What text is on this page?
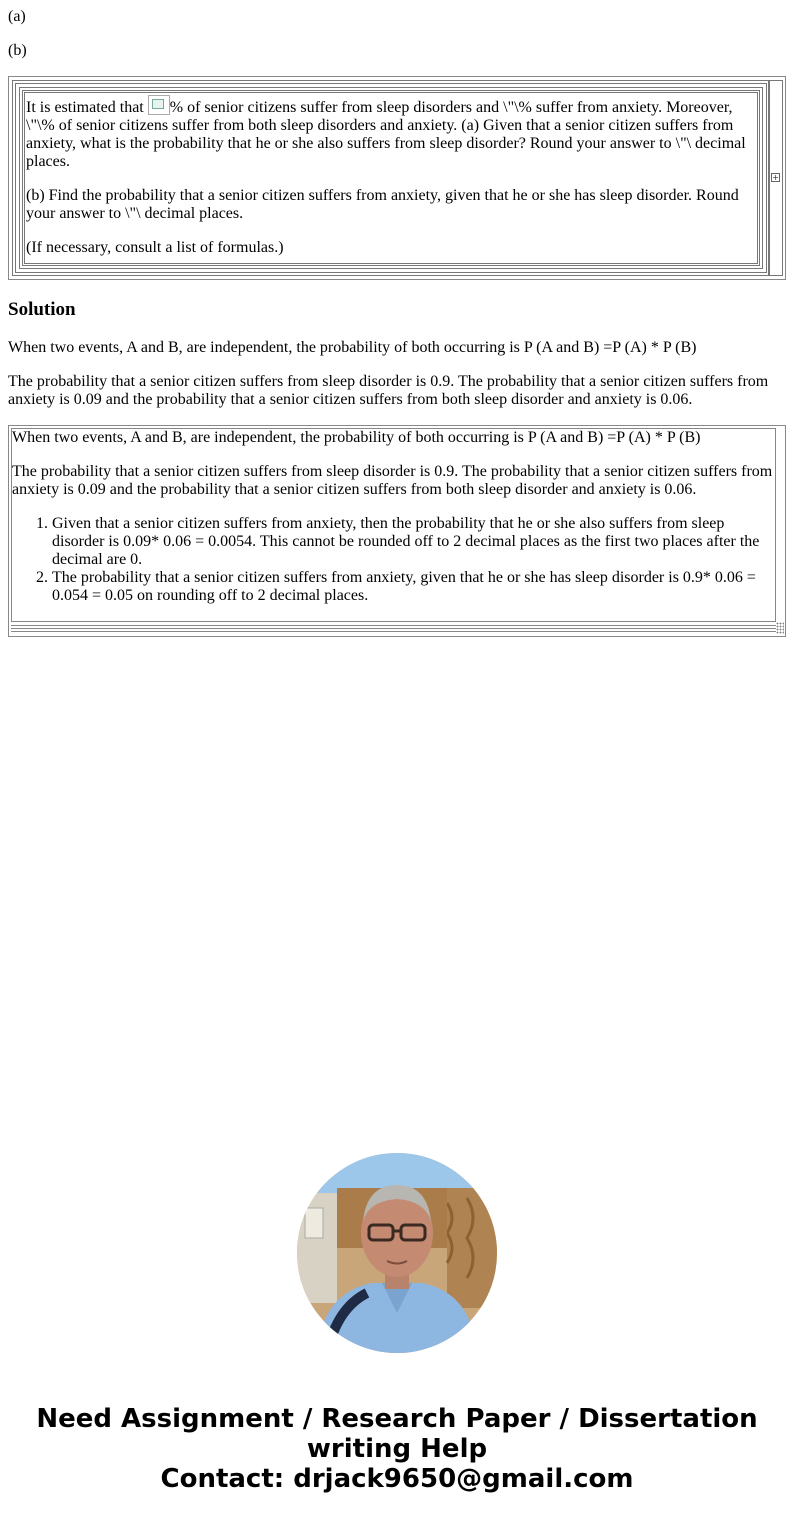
(a)

(b)

It is estimated that % of senior citizens suffer from sleep disorders and \"\% suffer from anxiety. Moreover, \"\% of senior citizens suffer from both sleep disorders and anxiety. (a) Given that a senior citizen suffers from anxiety, what is the probability that he or she also suffers from sleep disorder? Round your answer to \"\ decimal places.

(b) Find the probability that a senior citizen suffers from anxiety, given that he or she has sleep disorder. Round your answer to \"\ decimal places.

(If necessary, consult a list of formulas.)

+
Solution

When two events, A and B, are independent, the probability of both occurring is P (A and B) =P (A) * P (B)

The probability that a senior citizen suffers from sleep disorder is 0.9. The probability that a senior citizen suffers from anxiety is 0.09 and the probability that a senior citizen suffers from both sleep disorder and anxiety is 0.06.

When two events, A and B, are independent, the probability of both occurring is P (A and B) =P (A) * P (B)

The probability that a senior citizen suffers from sleep disorder is 0.9. The probability that a senior citizen suffers from anxiety is 0.09 and the probability that a senior citizen suffers from both sleep disorder and anxiety is 0.06.

1. Given that a senior citizen suffers from anxiety, then the probability that he or she also suffers from sleep disorder is 0.09* 0.06 = 0.0054. This cannot be rounded off to 2 decimal places as the first two places after the decimal are 0.
2. The probability that a senior citizen suffers from anxiety, given that he or she has sleep disorder is 0.9* 0.06 = 0.054 = 0.05 on rounding off to 2 decimal places.
Need Assignment / Research Paper / Dissertation
writing Help
Contact: drjack9650@gmail.com
